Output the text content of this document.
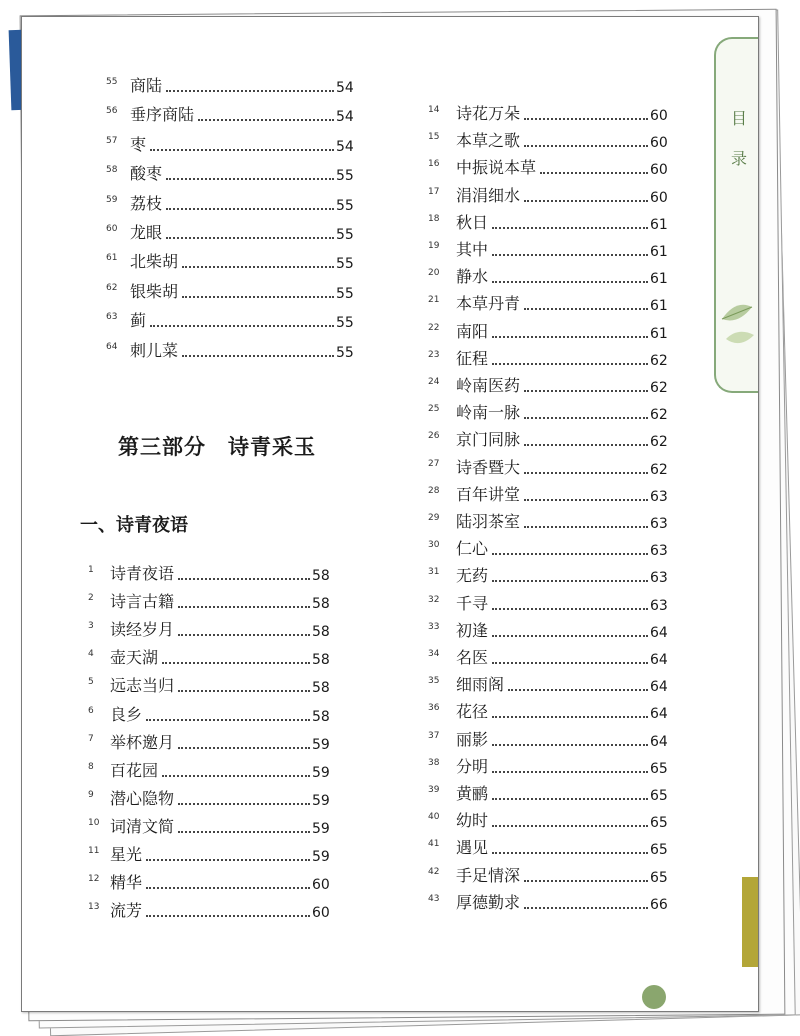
目
录
55 商陆	54
56 垂序商陆	54
57 枣	54
58 酸枣	55
59 荔枝	55
60 龙眼	55
61 北柴胡	55
62 银柴胡	55
63 蓟	55
64 刺儿菜	55
第三部分　诗青采玉
一、诗青夜语
1 诗青夜语	58
2 诗言古籍	58
3 读经岁月	58
4 壶天湖	58
5 远志当归	58
6 良乡	58
7 举杯邀月	59
8 百花园	59
9 潜心隐物	59
10 词清文简	59
11 星光	59
12 精华	60
13 流芳	60
14 诗花万朵	60
15 本草之歌	60
16 中振说本草	60
17 涓涓细水	60
18 秋日	61
19 其中	61
20 静水	61
21 本草丹青	61
22 南阳	61
23 征程	62
24 岭南医药	62
25 岭南一脉	62
26 京门同脉	62
27 诗香暨大	62
28 百年讲堂	63
29 陆羽茶室	63
30 仁心	63
31 无药	63
32 千寻	63
33 初逢	64
34 名医	64
35 细雨阁	64
36 花径	64
37 丽影	64
38 分明	65
39 黄鹂	65
40 幼时	65
41 遇见	65
42 手足情深	65
43 厚德勤求	66
